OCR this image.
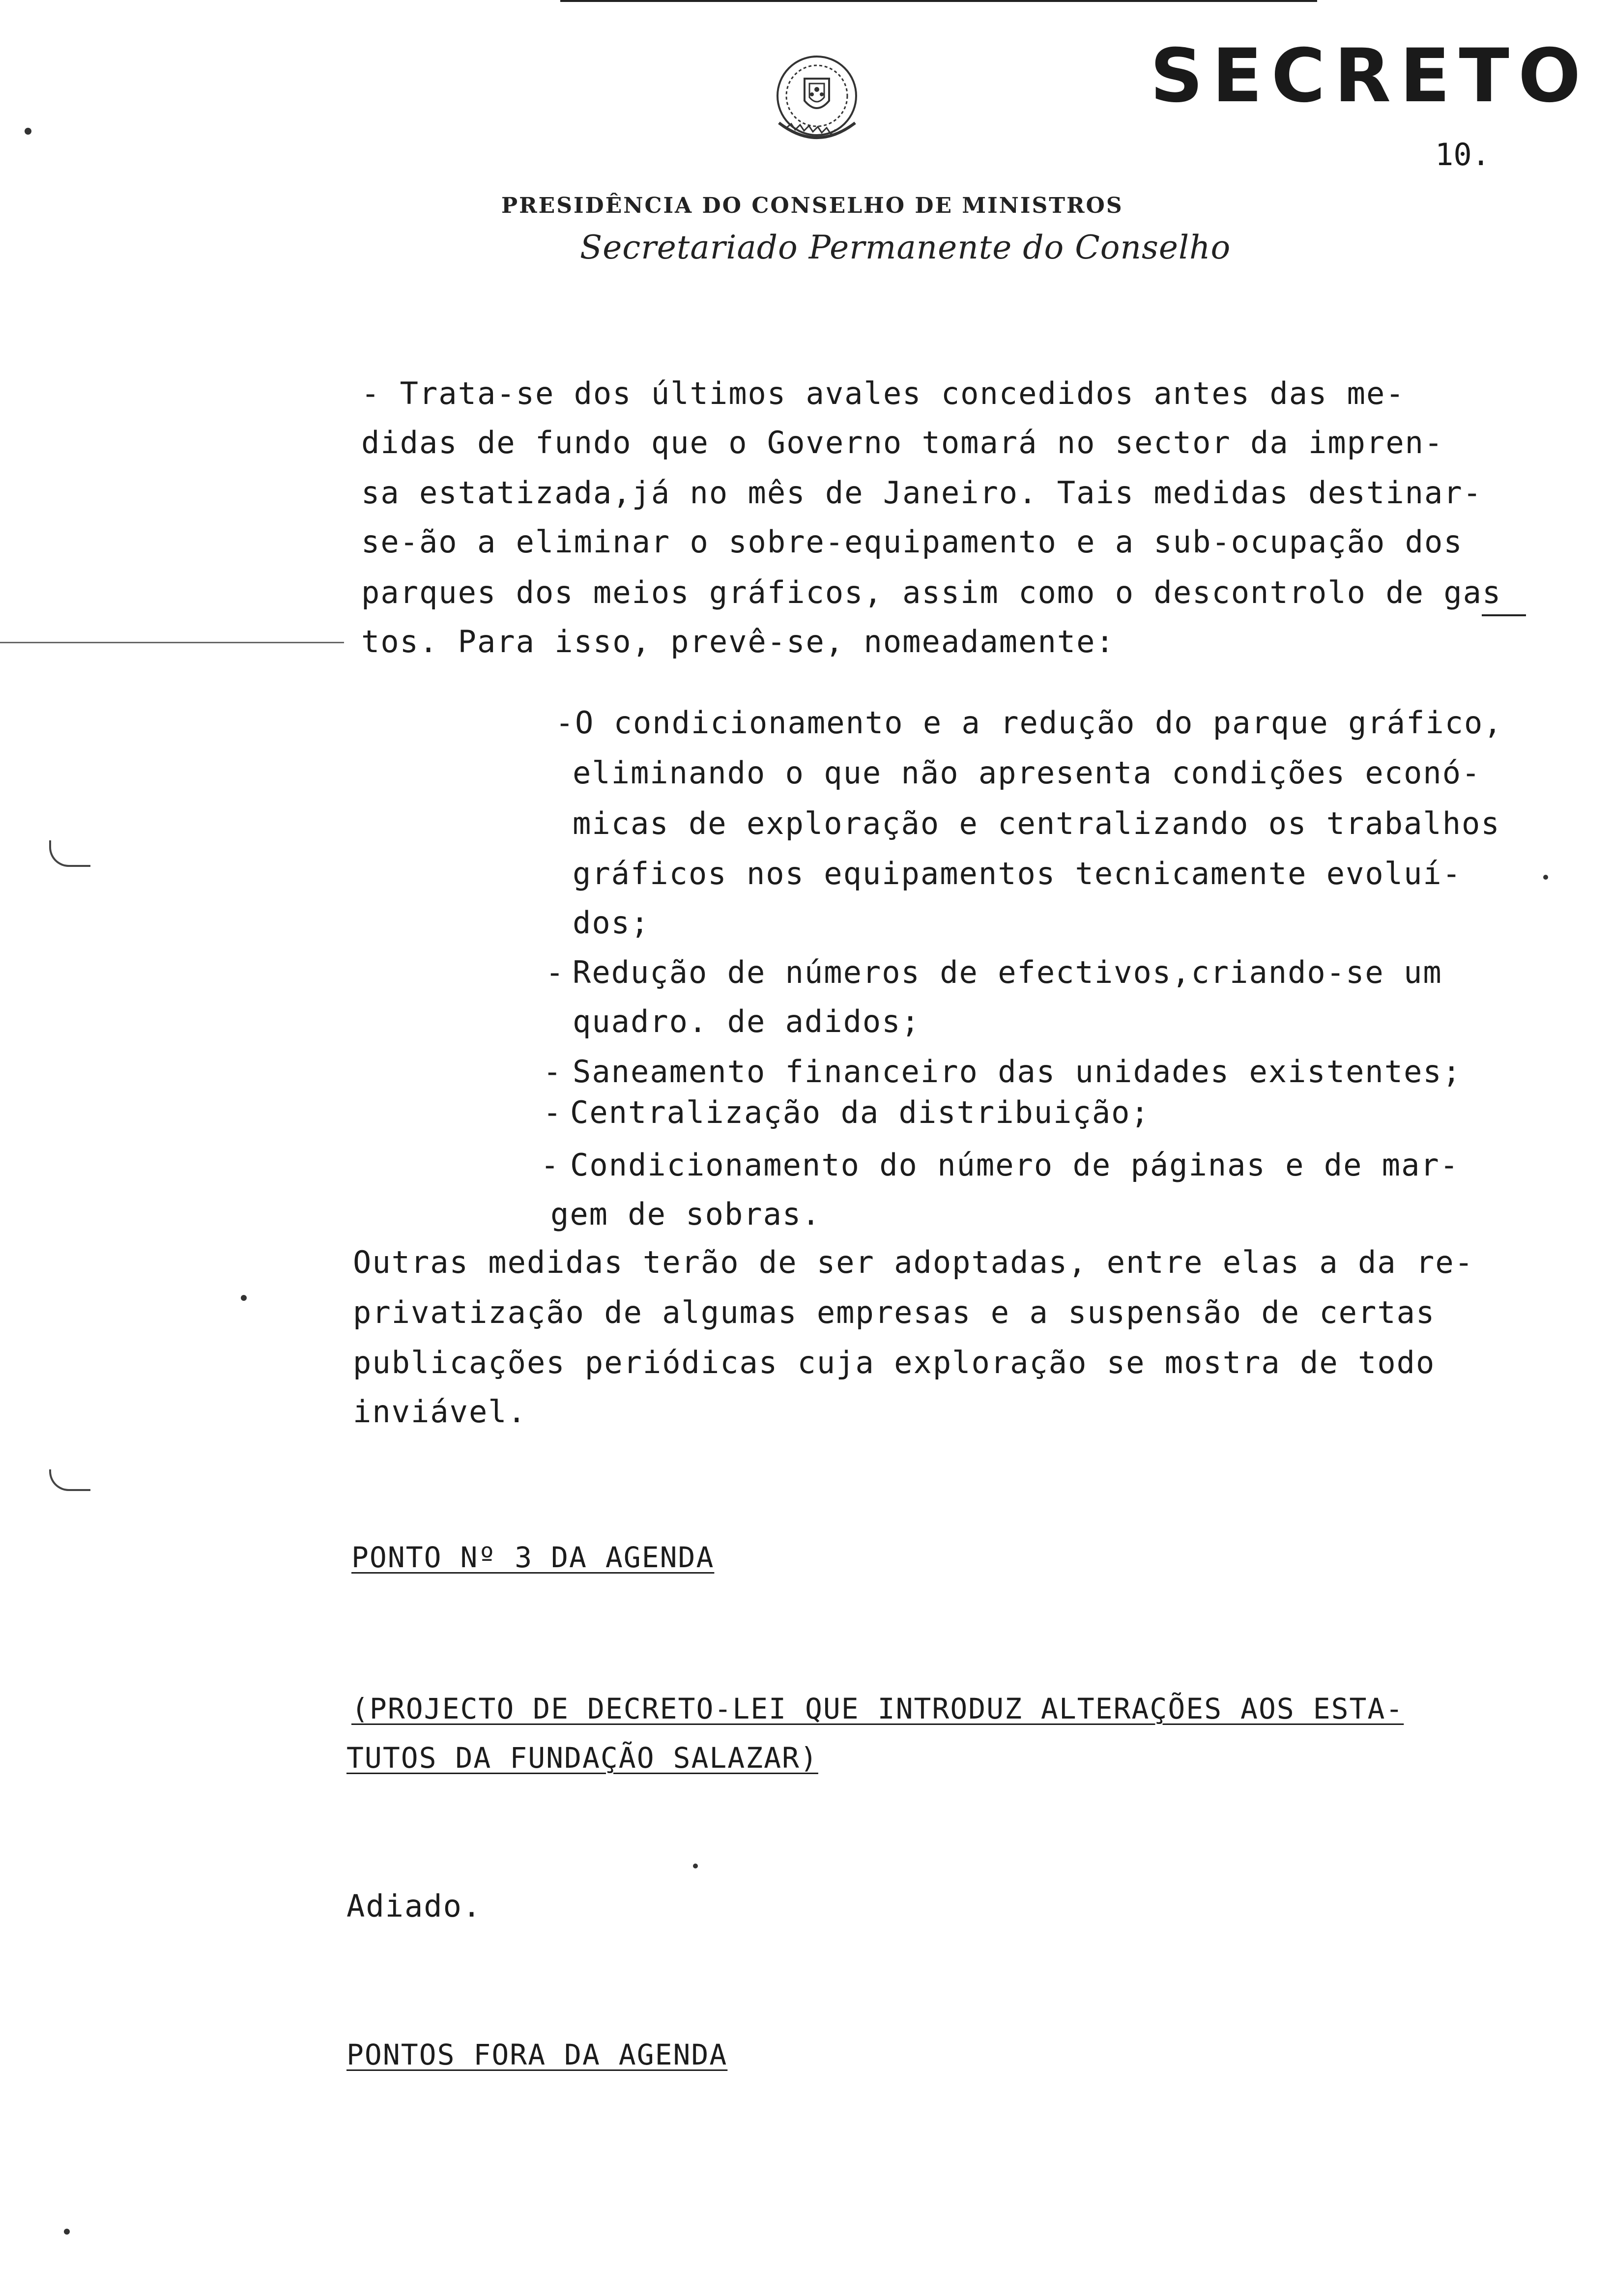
SECRETO
10.
PRESIDÊNCIA DO CONSELHO DE MINISTROS
Secretariado Permanente do Conselho
- Trata-se dos últimos avales concedidos antes das me-
didas de fundo que o Governo tomará no sector da impren-
sa estatizada,já no mês de Janeiro. Tais medidas destinar-
se-ão a eliminar o sobre-equipamento e a sub-ocupação dos
parques dos meios gráficos, assim como o descontrolo de gas
tos. Para isso, prevê-se, nomeadamente:
- O condicionamento e a redução do parque gráfico,
eliminando o que não apresenta condições econó-
micas de exploração e centralizando os trabalhos
gráficos nos equipamentos tecnicamente evoluí-
dos;
- Redução de números de efectivos,criando-se um
quadro. de adidos;
- Saneamento financeiro das unidades existentes;
- Centralização da distribuição;
- Condicionamento do número de páginas e de mar-
gem de sobras.
Outras medidas terão de ser adoptadas, entre elas a da re-
privatização de algumas empresas e a suspensão de certas
publicações periódicas cuja exploração se mostra de todo
inviável.
PONTO Nº 3 DA AGENDA
(PROJECTO DE DECRETO-LEI QUE INTRODUZ ALTERAÇÕES AOS ESTA-
TUTOS DA FUNDAÇÃO SALAZAR)
Adiado.
PONTOS FORA DA AGENDA
